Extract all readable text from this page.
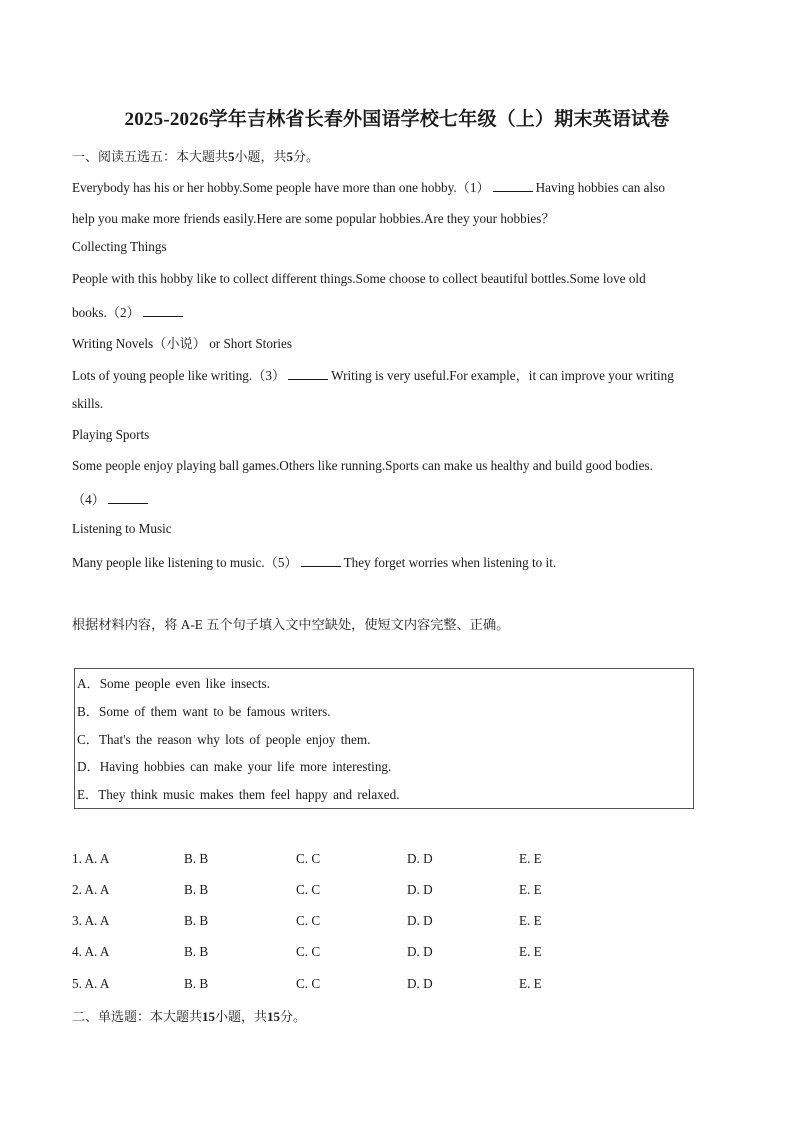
2025-2026学年吉林省长春外国语学校七年级（上）期末英语试卷
一、阅读五选五：本大题共5小题，共5分。
Everybody has his or her hobby.Some people have more than one hobby.（1）	Having hobbies can also
help you make more friends easily.Here are some popular hobbies.Are they your hobbies？
Collecting Things
People with this hobby like to collect different things.Some choose to collect beautiful bottles.Some love old
books.（2）
Writing Novels（小说） or Short Stories
Lots of young people like writing.（3）	Writing is very useful.For example，it can improve your writing
skills.
Playing Sports
Some people enjoy playing ball games.Others like running.Sports can make us healthy and build good bodies.
（4）
Listening to Music
Many people like listening to music.（5）	They forget worries when listening to it.
根据材料内容，将 A-E 五个句子填入文中空缺处，使短文内容完整、正确。
A．Some people even like insects.
B．Some of them want to be famous writers.
C．That's the reason why lots of people enjoy them.
D．Having hobbies can make your life more interesting.
E．They think music makes them feel happy and relaxed.
1. A. A	B. B	C. C	D. D	E. E
2. A. A	B. B	C. C	D. D	E. E
3. A. A	B. B	C. C	D. D	E. E
4. A. A	B. B	C. C	D. D	E. E
5. A. A	B. B	C. C	D. D	E. E
二、单选题：本大题共15小题，共15分。
